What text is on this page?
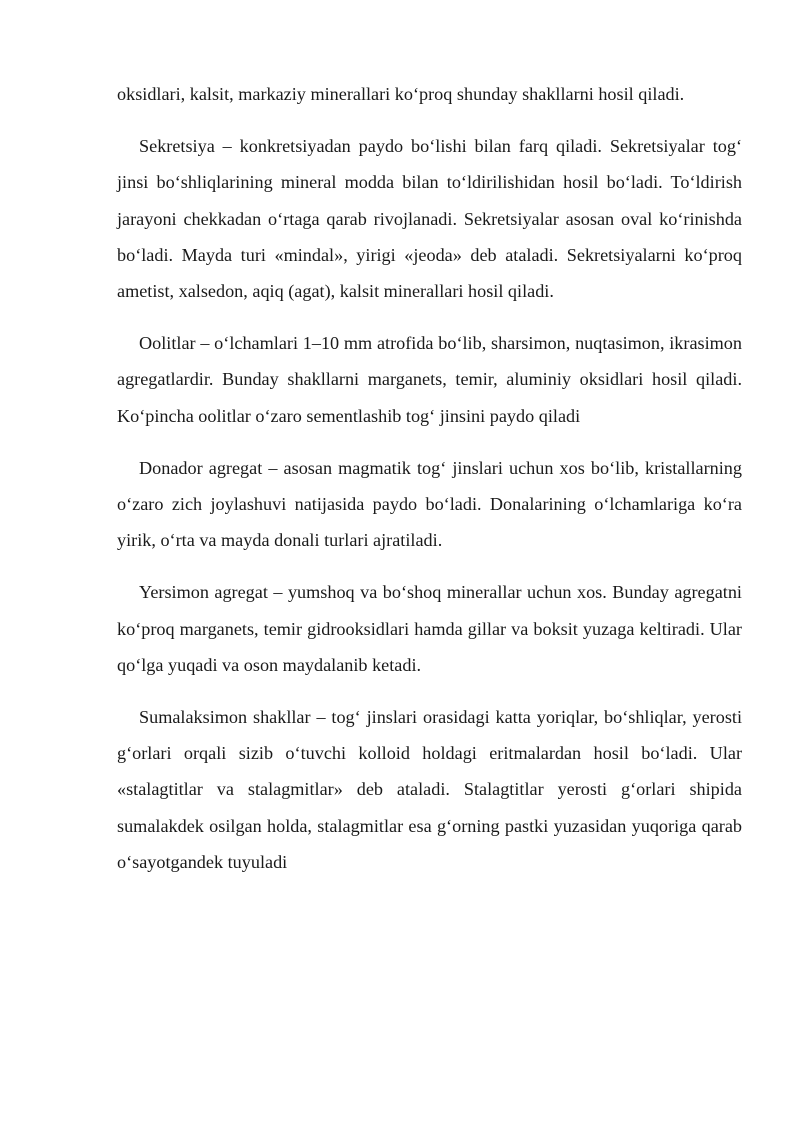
oksidlari, kalsit, markaziy minerallari ko‘proq shunday shakllarni hosil qiladi.

Sekretsiya – konkretsiyadan paydo bo‘lishi bilan farq qiladi. Sekretsiyalar tog‘ jinsi bo‘shliqlarining mineral modda bilan to‘ldirilishidan hosil bo‘ladi. To‘ldirish jarayoni chekkadan o‘rtaga qarab rivojlanadi. Sekretsiyalar asosan oval ko‘rinishda bo‘ladi. Mayda turi «mindal», yirigi «jeoda» deb ataladi. Sekretsiyalarni ko‘proq ametist, xalsedon, aqiq (agat), kalsit minerallari hosil qiladi.

Oolitlar – o‘lchamlari 1–10 mm atrofida bo‘lib, sharsimon, nuqtasimon, ikrasimon agregatlardir. Bunday shakllarni marganets, temir, aluminiy oksidlari hosil qiladi. Ko‘pincha oolitlar o‘zaro sementlashib tog‘ jinsini paydo qiladi

Donador agregat – asosan magmatik tog‘ jinslari uchun xos bo‘lib, kristallarning o‘zaro zich joylashuvi natijasida paydo bo‘ladi. Donalarining o‘lchamlariga ko‘ra yirik, o‘rta va mayda donali turlari ajratiladi.

Yersimon agregat – yumshoq va bo‘shoq minerallar uchun xos. Bunday agregatni ko‘proq marganets, temir gidrooksidlari hamda gillar va boksit yuzaga keltiradi. Ular qo‘lga yuqadi va oson maydalanib ketadi.

Sumalaksimon shakllar – tog‘ jinslari orasidagi katta yoriqlar, bo‘shliqlar, yerosti g‘orlari orqali sizib o‘tuvchi kolloid holdagi eritmalardan hosil bo‘ladi. Ular «stalagtitlar va stalagmitlar» deb ataladi. Stalagtitlar yerosti g‘orlari shipida sumalakdek osilgan holda, stalagmitlar esa g‘orning pastki yuzasidan yuqoriga qarab o‘sayotgandek tuyuladi
